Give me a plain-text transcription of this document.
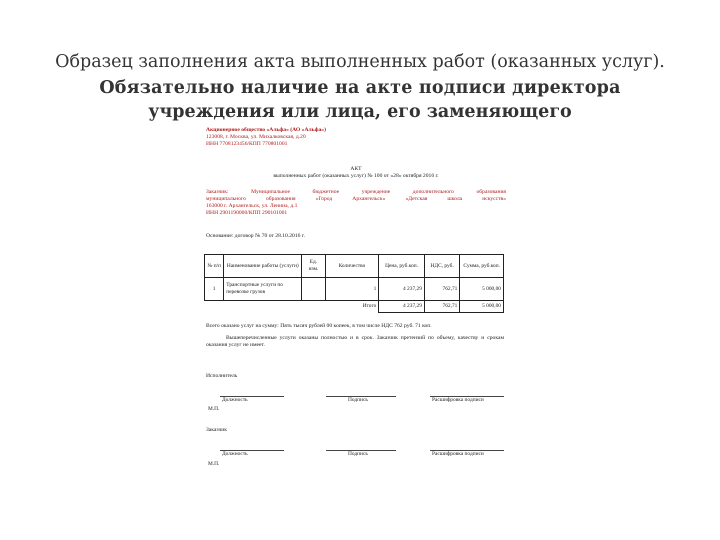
Образец заполнения акта выполненных работ (оказанных услуг).
Обязательно наличие на акте подписи директора
учреждения или лица, его заменяющего
Акционерное общество «Альфа» (АО «Альфа»)
123008, г. Москва, ул. Михалковская, д.20
ИНН 7708123456/КПП 770801001
АКТ
выполненных работ (оказанных услуг) № 100 от «28» октября 2016 г.
Заказчик:	Муниципальное бюджетное учреждение дополнительного образования
муниципального образования «Город Архангельск» «Детская школа искусств»
163000 г. Архангельск, ул. Ленина, д.1
ИНН 2901190000/КПП 290101001
Основание: договор № 70 от 28.10.2016 г.
№ п/п	Наименование работы (услуги)	Ед. изм.	Количество	Цена, руб.коп.	НДС, руб.	Сумма, руб.коп.
1	Транспортные услуги по перевозке грузов		1	4 237,29	762,71	5 000,00
			Итого	4 237,29	762,71	5 000,00
Всего оказано услуг на сумму: Пять тысяч рублей 00 копеек, в том числе НДС 762 руб. 71 коп.
Вышеперечисленные услуги оказаны полностью и в срок. Заказчик претензий по объему, качеству и срокам оказания услуг не имеет.
Исполнитель
Должность	Подпись	Расшифровка подписи
М.П.
Заказчик
Должность	Подпись	Расшифровка подписи
М.П.
